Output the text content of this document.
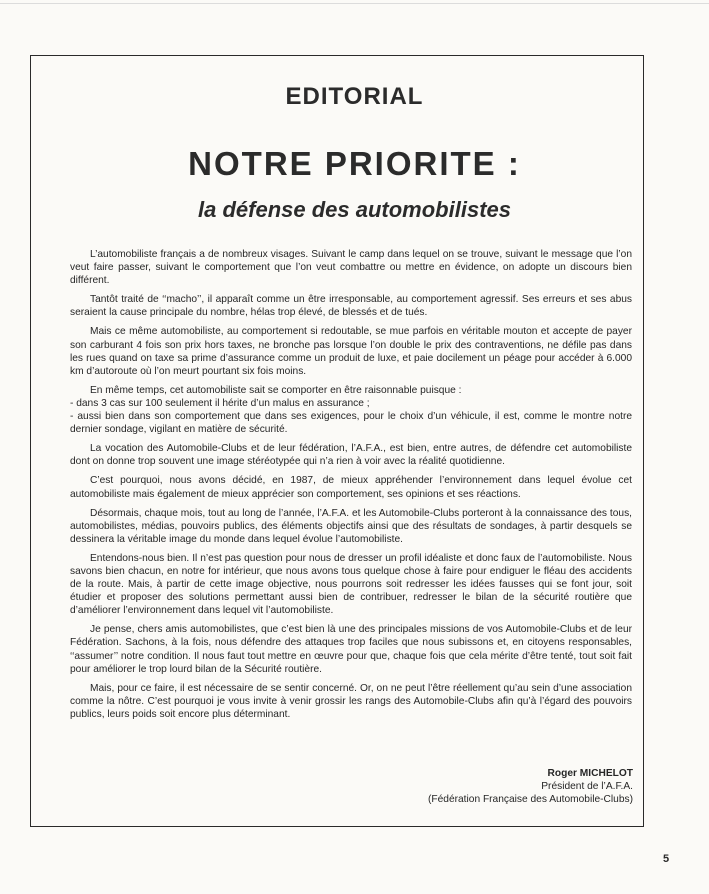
EDITORIAL
NOTRE PRIORITE :
la défense des automobilistes

L’automobiliste français a de nombreux visages. Suivant le camp dans lequel on se trouve, suivant le message que l’on veut faire passer, suivant le comportement que l’on veut combattre ou mettre en évidence, on adopte un discours bien différent.

Tantôt traité de ‘‘macho’’, il apparaît comme un être irresponsable, au comportement agressif. Ses erreurs et ses abus seraient la cause principale du nombre, hélas trop élevé, de blessés et de tués.

Mais ce même automobiliste, au comportement si redoutable, se mue parfois en véritable mouton et accepte de payer son carburant 4 fois son prix hors taxes, ne bronche pas lorsque l’on double le prix des contraventions, ne défile pas dans les rues quand on taxe sa prime d’assurance comme un produit de luxe, et paie docilement un péage pour accéder à 6.000 km d’autoroute où l’on meurt pourtant six fois moins.

En même temps, cet automobiliste sait se comporter en être raisonnable puisque :

- dans 3 cas sur 100 seulement il hérite d’un malus en assurance ;

- aussi bien dans son comportement que dans ses exigences, pour le choix d’un véhicule, il est, comme le montre notre dernier sondage, vigilant en matière de sécurité.

La vocation des Automobile-Clubs et de leur fédération, l’A.F.A., est bien, entre autres, de défendre cet automobiliste dont on donne trop souvent une image stéréotypée qui n’a rien à voir avec la réalité quotidienne.

C’est pourquoi, nous avons décidé, en 1987, de mieux appréhender l’environnement dans lequel évolue cet automobiliste mais également de mieux apprécier son comportement, ses opinions et ses réactions.

Désormais, chaque mois, tout au long de l’année, l’A.F.A. et les Automobile-Clubs porteront à la connaissance des tous, automobilistes, médias, pouvoirs publics, des éléments objectifs ainsi que des résultats de sondages, à partir desquels se dessinera la véritable image du monde dans lequel évolue l’automobiliste.

Entendons-nous bien. Il n’est pas question pour nous de dresser un profil idéaliste et donc faux de l’automobiliste. Nous savons bien chacun, en notre for intérieur, que nous avons tous quelque chose à faire pour endiguer le fléau des accidents de la route. Mais, à partir de cette image objective, nous pourrons soit redresser les idées fausses qui se font jour, soit étudier et proposer des solutions permettant aussi bien de contribuer, redresser le bilan de la sécurité routière que d’améliorer l’environnement dans lequel vit l’automobiliste.

Je pense, chers amis automobilistes, que c’est bien là une des principales missions de vos Automobile-Clubs et de leur Fédération. Sachons, à la fois, nous défendre des attaques trop faciles que nous subissons et, en citoyens responsables, ‘‘assumer’’ notre condition. Il nous faut tout mettre en œuvre pour que, chaque fois que cela mérite d’être tenté, tout soit fait pour améliorer le trop lourd bilan de la Sécurité routière.

Mais, pour ce faire, il est nécessaire de se sentir concerné. Or, on ne peut l’être réellement qu’au sein d’une association comme la nôtre. C’est pourquoi je vous invite à venir grossir les rangs des Automobile-Clubs afin qu’à l’égard des pouvoirs publics, leurs poids soit encore plus déterminant.

Roger MICHELOT
Président de l’A.F.A.
(Fédération Française des Automobile-Clubs)
5
